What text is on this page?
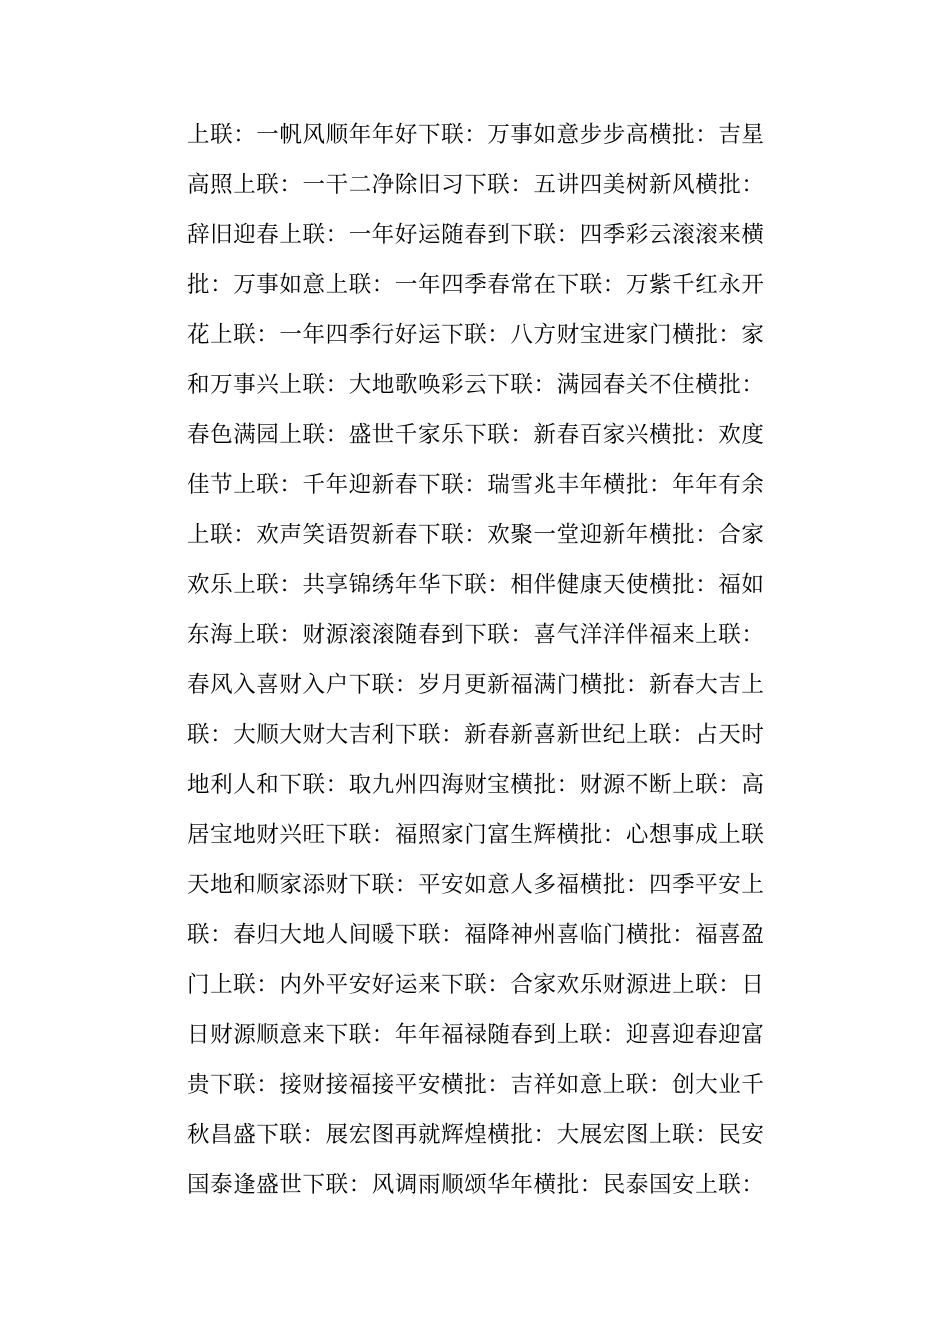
上联：一帆风顺年年好下联：万事如意步步高横批：吉星
高照上联：一干二净除旧习下联：五讲四美树新风横批：
辞旧迎春上联：一年好运随春到下联：四季彩云滚滚来横
批：万事如意上联：一年四季春常在下联：万紫千红永开
花上联：一年四季行好运下联：八方财宝进家门横批：家
和万事兴上联：大地歌唤彩云下联：满园春关不住横批：
春色满园上联：盛世千家乐下联：新春百家兴横批：欢度
佳节上联：千年迎新春下联：瑞雪兆丰年横批：年年有余
上联：欢声笑语贺新春下联：欢聚一堂迎新年横批：合家
欢乐上联：共享锦绣年华下联：相伴健康天使横批：福如
东海上联：财源滚滚随春到下联：喜气洋洋伴福来上联：
春风入喜财入户下联：岁月更新福满门横批：新春大吉上
联：大顺大财大吉利下联：新春新喜新世纪上联：占天时
地利人和下联：取九州四海财宝横批：财源不断上联：高
居宝地财兴旺下联：福照家门富生辉横批：心想事成上联
天地和顺家添财下联：平安如意人多福横批：四季平安上
联：春归大地人间暖下联：福降神州喜临门横批：福喜盈
门上联：内外平安好运来下联：合家欢乐财源进上联：日
日财源顺意来下联：年年福禄随春到上联：迎喜迎春迎富
贵下联：接财接福接平安横批：吉祥如意上联：创大业千
秋昌盛下联：展宏图再就辉煌横批：大展宏图上联：民安
国泰逢盛世下联：风调雨顺颂华年横批：民泰国安上联：
